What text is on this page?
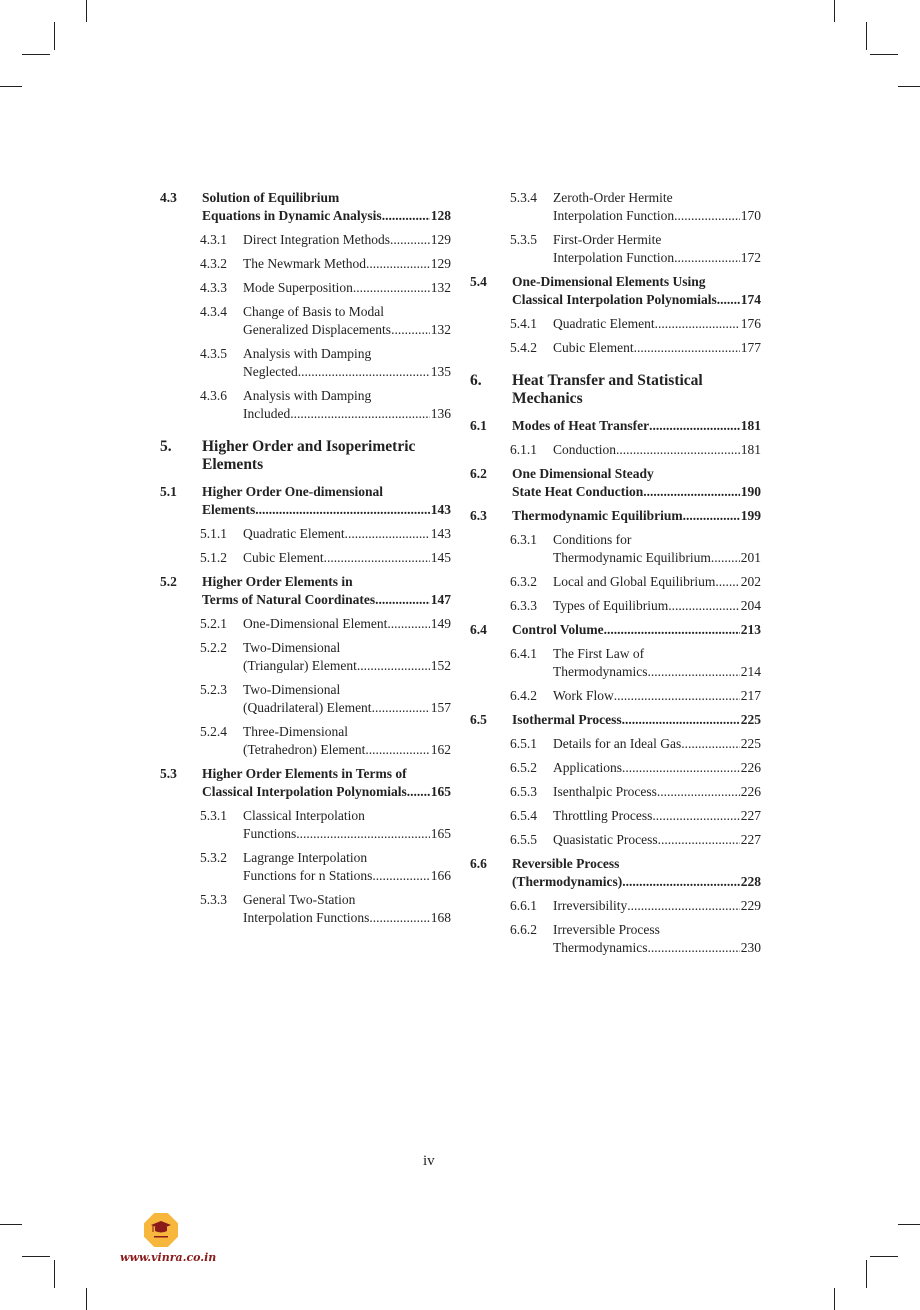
4.3 Solution of Equilibrium
Equations in Dynamic Analysis .....	128
4.3.1 Direct Integration Methods .....	129
4.3.2 The Newmark Method .....	129
4.3.3 Mode Superposition .....	132
4.3.4 Change of Basis to Modal
Generalized Displacements .....	132
4.3.5 Analysis with Damping
Neglected .....	135
4.3.6 Analysis with Damping
Included .....	136
5. Higher Order and Isoperimetric
Elements
5.1 Higher Order One-dimensional
Elements .....	143
5.1.1 Quadratic Element .....	143
5.1.2 Cubic Element .....	145
5.2 Higher Order Elements in
Terms of Natural Coordinates .....	147
5.2.1 One-Dimensional Element .....	149
5.2.2 Two-Dimensional
(Triangular) Element .....	152
5.2.3 Two-Dimensional
(Quadrilateral) Element .....	157
5.2.4 Three-Dimensional
(Tetrahedron) Element .....	162
5.3 Higher Order Elements in Terms of
Classical Interpolation Polynomials ..... 165
5.3.1 Classical Interpolation
Functions .....	165
5.3.2 Lagrange Interpolation
Functions for n Stations .....	166
5.3.3 General Two-Station
Interpolation Functions .....	168
5.3.4 Zeroth-Order Hermite
Interpolation Function .....	170
5.3.5 First-Order Hermite
Interpolation Function .....	172
5.4 One-Dimensional Elements Using
Classical Interpolation Polynomials ..... 174
5.4.1 Quadratic Element .....	176
5.4.2 Cubic Element .....	177
6. Heat Transfer and Statistical
Mechanics
6.1 Modes of Heat Transfer .....	181
6.1.1 Conduction .....	181
6.2 One Dimensional Steady
State Heat Conduction .....	190
6.3 Thermodynamic Equilibrium .....	199
6.3.1 Conditions for
Thermodynamic Equilibrium ..... 201
6.3.2 Local and Global Equilibrium ..... 202
6.3.3 Types of Equilibrium .....	204
6.4 Control Volume .....	213
6.4.1 The First Law of
Thermodynamics .....	214
6.4.2 Work Flow .....	217
6.5 Isothermal Process .....	225
6.5.1 Details for an Ideal Gas .....	225
6.5.2 Applications .....	226
6.5.3 Isenthalpic Process .....	226
6.5.4 Throttling Process .....	227
6.5.5 Quasistatic Process .....	227
6.6 Reversible Process
(Thermodynamics) .....	228
6.6.1 Irreversibility .....	229
6.6.2 Irreversible Process
Thermodynamics .....	230
iv
www.vinra.co.in
